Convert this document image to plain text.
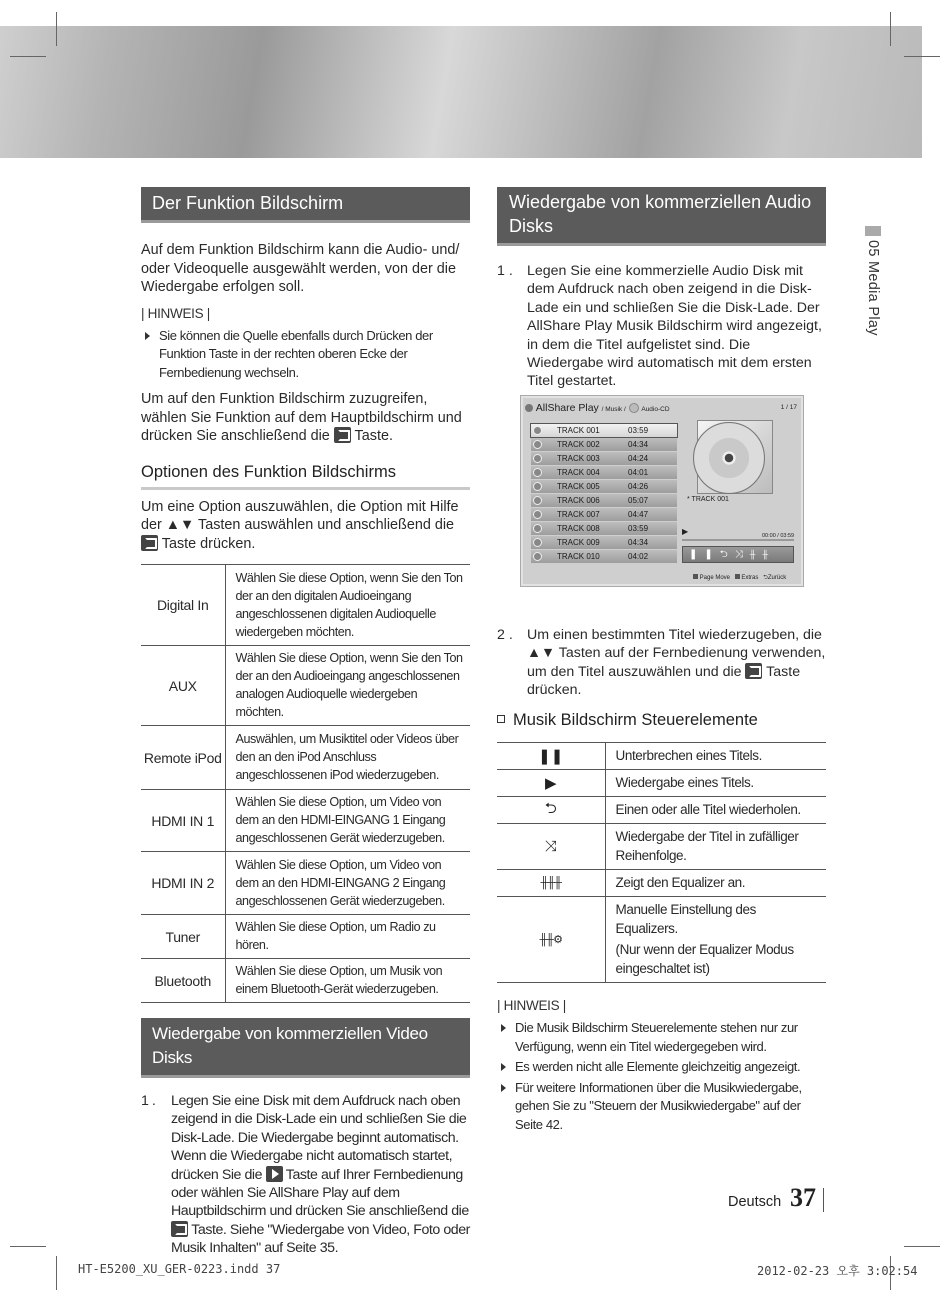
05 Media Play
Der Funktion Bildschirm

Auf dem Funktion Bildschirm kann die Audio- und/ oder Videoquelle ausgewählt werden, von der die Wiedergabe erfolgen soll.

| HINWEIS |
Sie können die Quelle ebenfalls durch Drücken der Funktion Taste in der rechten oberen Ecke der Fernbedienung wechseln.

Um auf den Funktion Bildschirm zuzugreifen, wählen Sie Funktion auf dem Hauptbildschirm und drücken Sie anschließend die Taste.

Optionen des Funktion Bildschirms

Um eine Option auszuwählen, die Option mit Hilfe der ▲▼ Tasten auswählen und anschließend die  Taste drücken.

Digital In	Wählen Sie diese Option, wenn Sie den Ton der an den digitalen Audioeingang angeschlossenen digitalen Audioquelle wiedergeben möchten.
AUX	Wählen Sie diese Option, wenn Sie den Ton der an den Audioeingang angeschlossenen analogen Audioquelle wiedergeben möchten.
Remote iPod	Auswählen, um Musiktitel oder Videos über den an den iPod Anschluss angeschlossenen iPod wiederzugeben.
HDMI IN 1	Wählen Sie diese Option, um Video von dem an den HDMI-EINGANG 1 Eingang angeschlossenen Gerät wiederzugeben.
HDMI IN 2	Wählen Sie diese Option, um Video von dem an den HDMI-EINGANG 2 Eingang angeschlossenen Gerät wiederzugeben.
Tuner	Wählen Sie diese Option, um Radio zu hören.
Bluetooth	Wählen Sie diese Option, um Musik von einem Bluetooth-Gerät wiederzugeben.
Wiedergabe von kommerziellen Video Disks
1 . Legen Sie eine Disk mit dem Aufdruck nach oben zeigend in die Disk-Lade ein und schließen Sie die Disk-Lade. Die Wiedergabe beginnt automatisch. Wenn die Wiedergabe nicht automatisch startet, drücken Sie die Taste auf Ihrer Fernbedienung oder wählen Sie AllShare Play auf dem Hauptbildschirm und drücken Sie anschließend die  Taste. Siehe "Wiedergabe von Video, Foto oder Musik Inhalten" auf Seite 35.
Wiedergabe von kommerziellen Audio Disks
1 . Legen Sie eine kommerzielle Audio Disk mit dem Aufdruck nach oben zeigend in die Disk-Lade ein und schließen Sie die Disk-Lade. Der AllShare Play Musik Bildschirm wird angezeigt, in dem die Titel aufgelistet sind. Die Wiedergabe wird automatisch mit dem ersten Titel gestartet.
2 . Um einen bestimmten Titel wiederzugeben, die ▲▼ Tasten auf der Fernbedienung verwenden, um den Titel auszuwählen und die Taste drücken.
Musik Bildschirm Steuerelemente
❚❚	Unterbrechen eines Titels.
▶	Wiedergabe eines Titels.
⮌	Einen oder alle Titel wiederholen.
⤨	Wiedergabe der Titel in zufälliger Reihenfolge.
╫╫╫	Zeigt den Equalizer an.
╫╫⚙	Manuelle Einstellung des Equalizers.
(Nur wenn der Equalizer Modus eingeschaltet ist)
| HINWEIS |
Die Musik Bildschirm Steuerelemente stehen nur zur Verfügung, wenn ein Titel wiedergegeben wird.
Es werden nicht alle Elemente gleichzeitig angezeigt.
Für weitere Informationen über die Musikwiedergabe, gehen Sie zu "Steuern der Musikwiedergabe" auf der Seite 42.
AllShare Play / Musik / Audio-CD	1 / 17
TRACK 001	03:59
TRACK 002	04:34
TRACK 003	04:24
TRACK 004	04:01
TRACK 005	04:26
TRACK 006	05:07
TRACK 007	04:47
TRACK 008	03:59
TRACK 009	04:34
TRACK 010	04:02
* TRACK 001
▶	00:00 / 03:59
❚❚⮌⤨╫╫
Page Move Extras ⮌Zurück
Deutsch 37
HT-E5200_XU_GER-0223.indd 37	2012-02-23 오후 3:02:54
